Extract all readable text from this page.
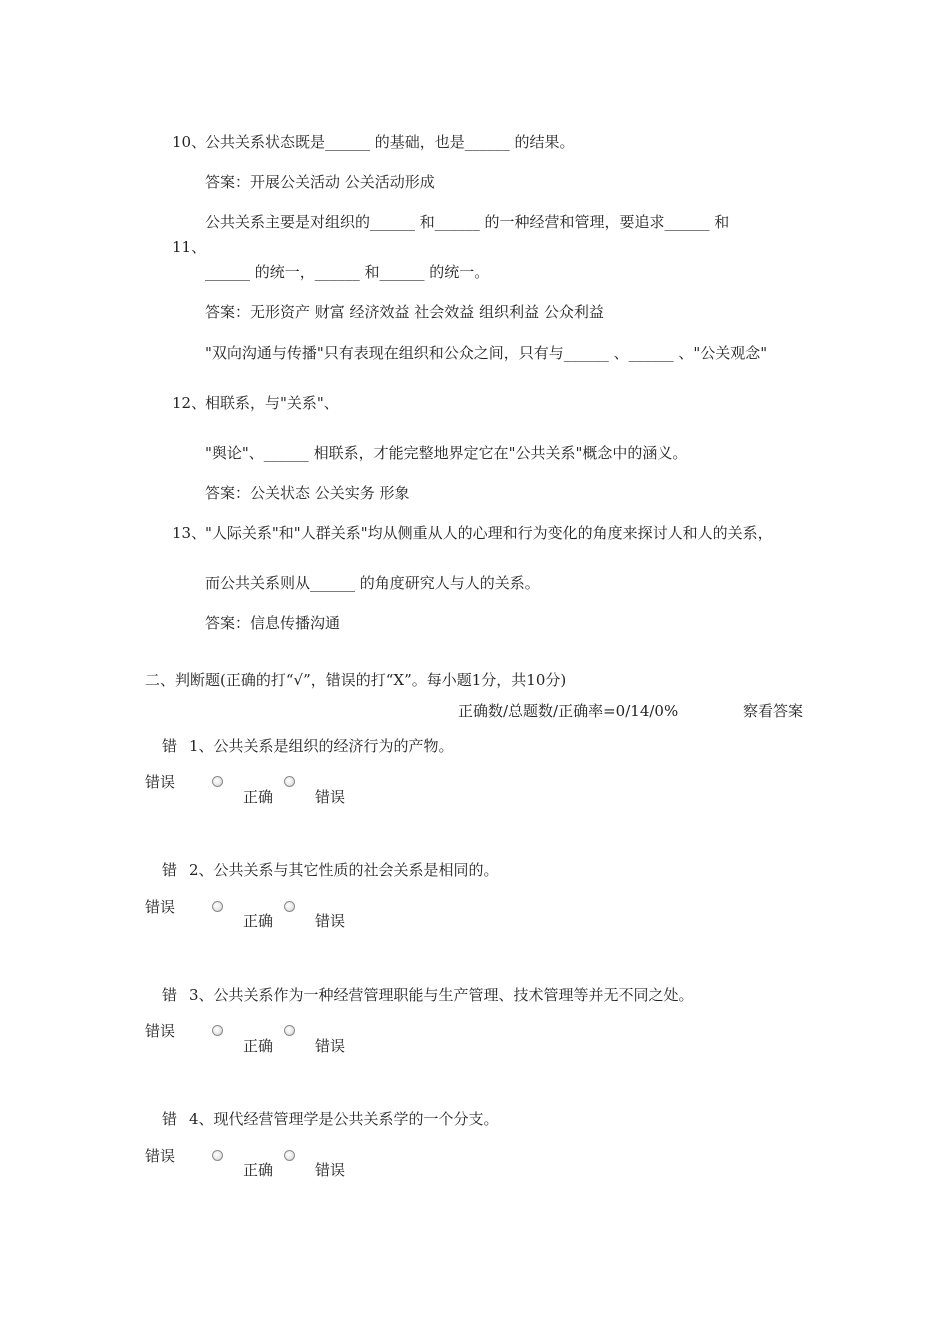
10、
公共关系状态既是______ 的基础，也是______ 的结果。
答案：开展公关活动 公关活动形成
公共关系主要是对组织的______ 和______ 的一种经营和管理，要追求______ 和
11、
______ 的统一，______ 和______ 的统一。
答案：无形资产 财富 经济效益 社会效益 组织利益 公众利益
"双向沟通与传播"只有表现在组织和公众之间，只有与______ 、______ 、"公关观念"
12、
相联系，与"关系"、
"舆论"、______ 相联系，才能完整地界定它在"公共关系"概念中的涵义。
答案：公关状态 公关实务 形象
13、
"人际关系"和"人群关系"均从侧重从人的心理和行为变化的角度来探讨人和人的关系，
而公共关系则从______ 的角度研究人与人的关系。
答案：信息传播沟通
二、判断题(正确的打“√”，错误的打“X”。每小题1分，共10分)
正确数/总题数/正确率=0/14/0%	察看答案
错 1、公共关系是组织的经济行为的产物。
错误
正确	错误
错 2、公共关系与其它性质的社会关系是相同的。
错误
正确	错误
错 3、公共关系作为一种经营管理职能与生产管理、技术管理等并无不同之处。
错误
正确	错误
错 4、现代经营管理学是公共关系学的一个分支。
错误
正确	错误
